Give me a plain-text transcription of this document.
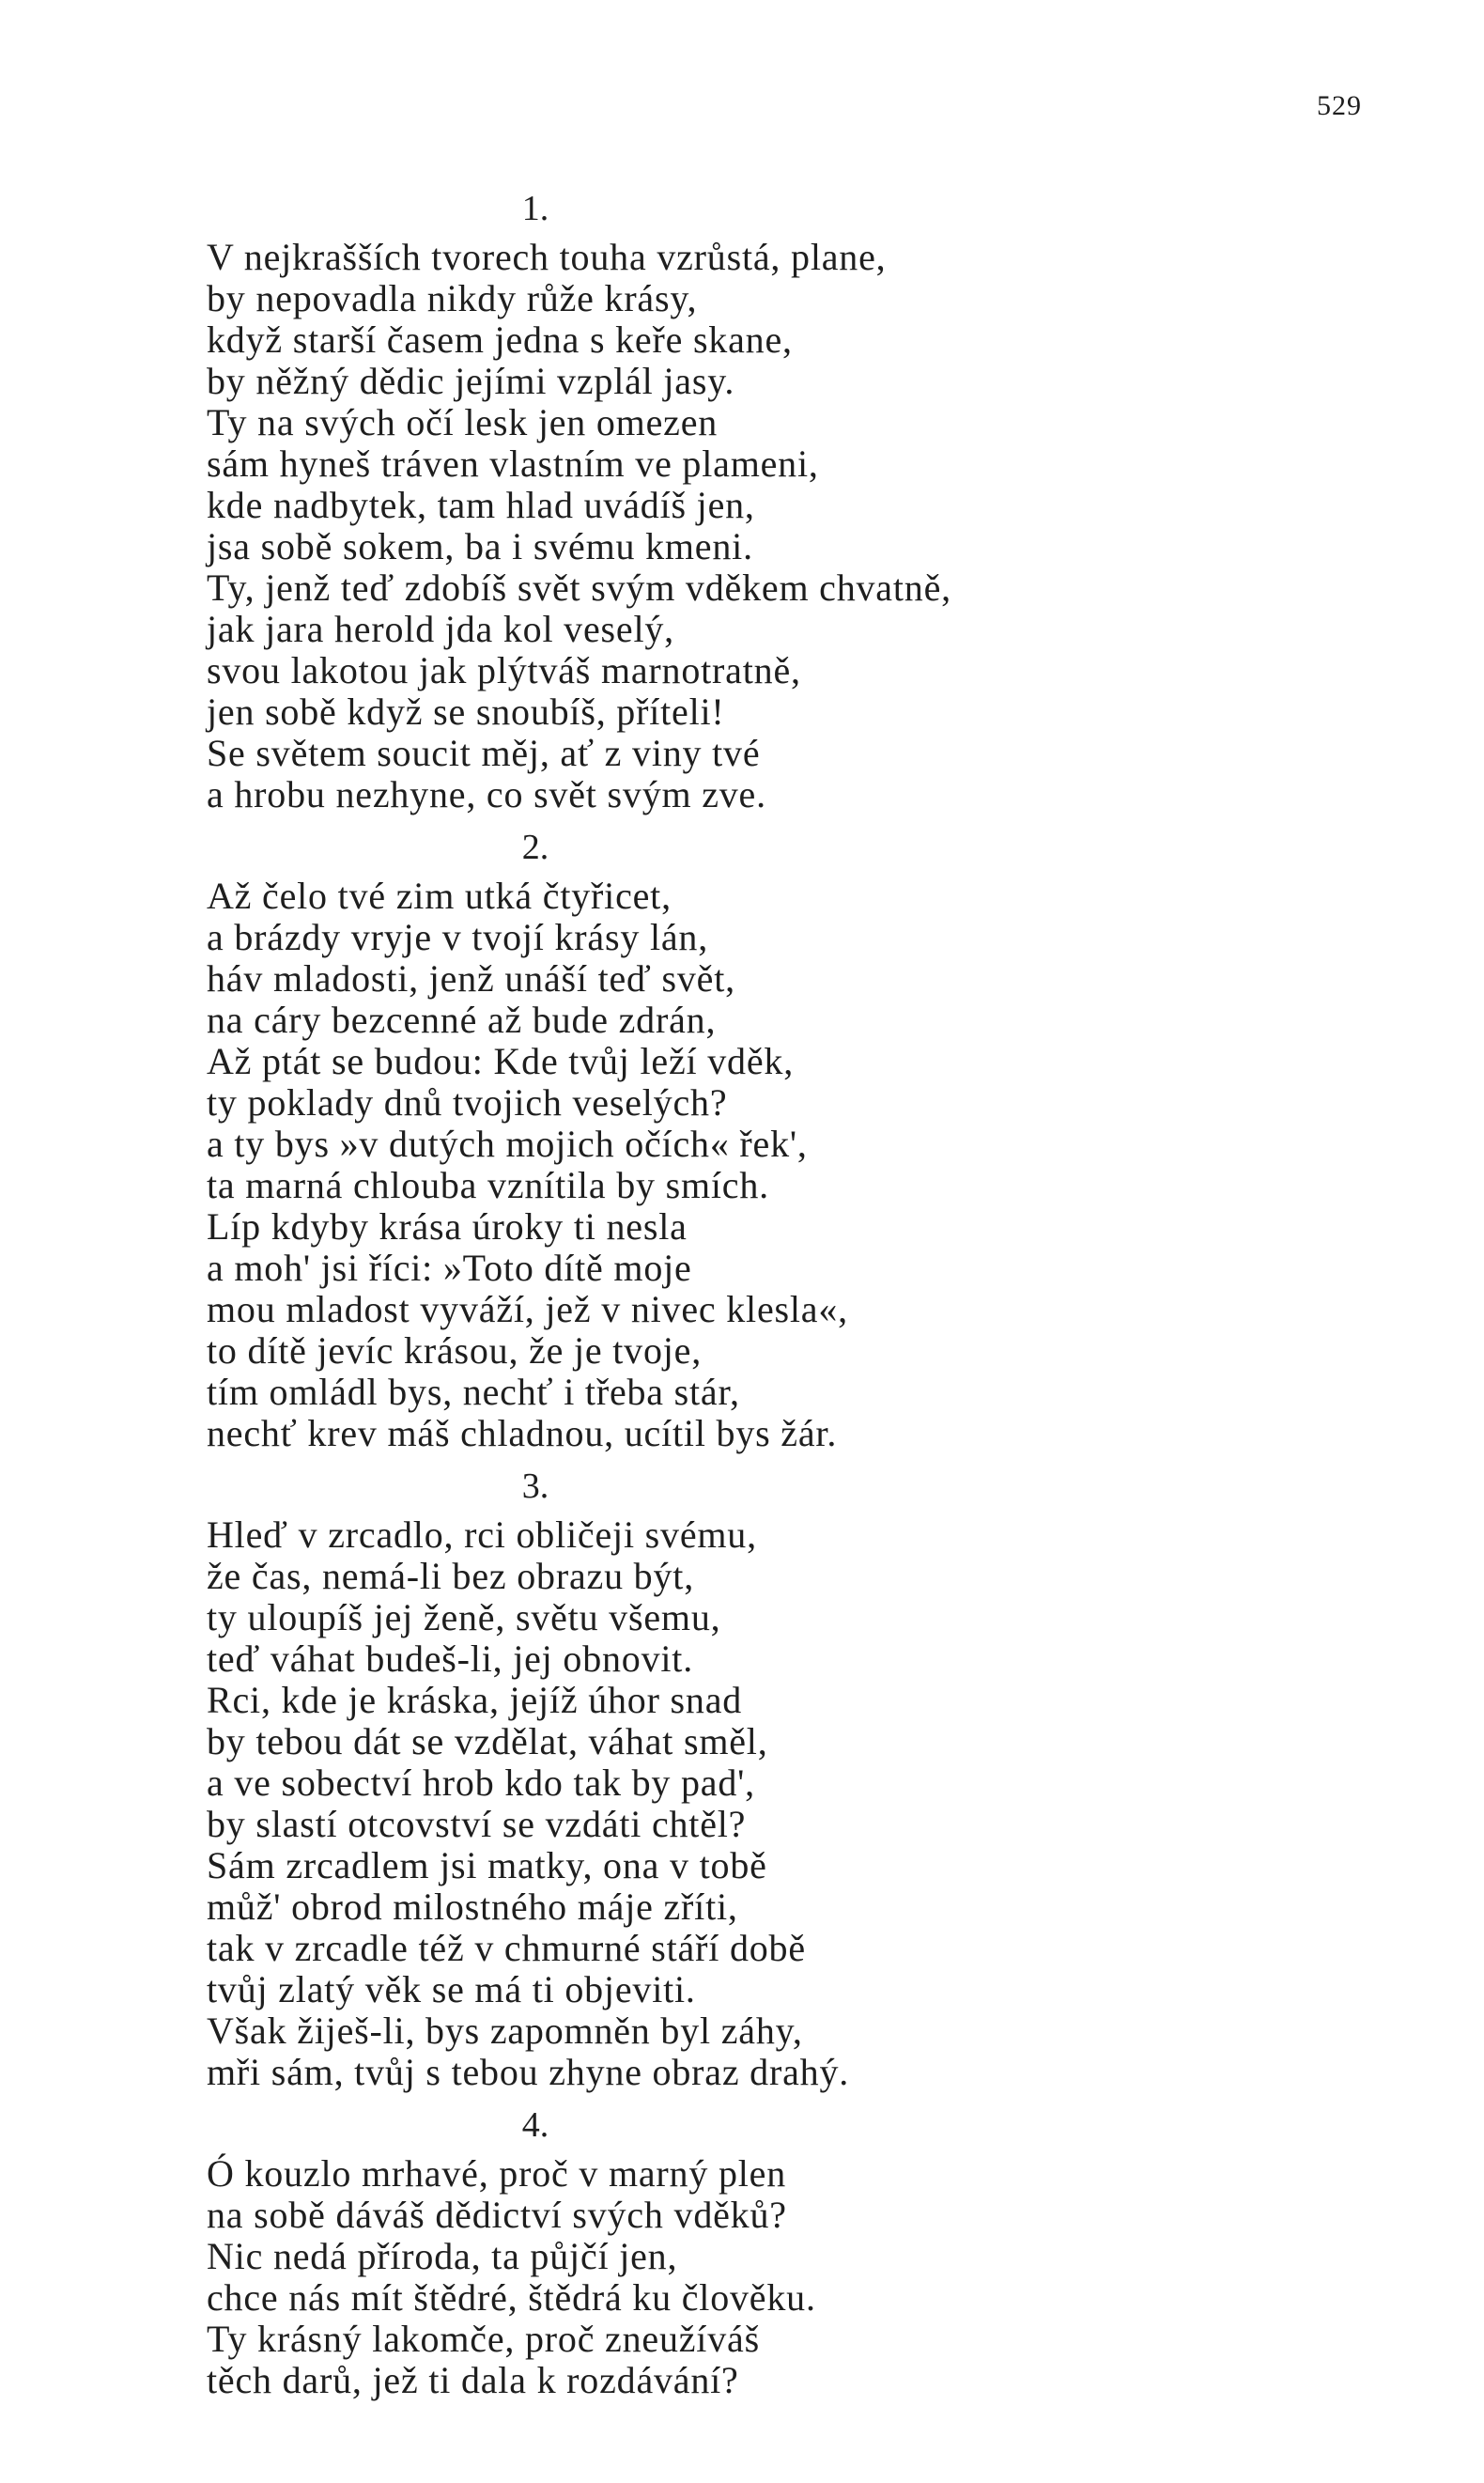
529
1.
V nejkrašších tvorech touha vzrůstá, plane,
by nepovadla nikdy růže krásy,
když starší časem jedna s keře skane,
by něžný dědic jejími vzplál jasy.
Ty na svých očí lesk jen omezen
sám hyneš tráven vlastním ve plameni,
kde nadbytek, tam hlad uvádíš jen,
jsa sobě sokem, ba i svému kmeni.
Ty, jenž teď zdobíš svět svým vděkem chvatně,
jak jara herold jda kol veselý,
svou lakotou jak plýtváš marnotratně,
jen sobě když se snoubíš, příteli!
Se světem soucit měj, ať z viny tvé
a hrobu nezhyne, co svět svým zve.
2.
Až čelo tvé zim utká čtyřicet,
a brázdy vryje v tvojí krásy lán,
háv mladosti, jenž unáší teď svět,
na cáry bezcenné až bude zdrán,
Až ptát se budou: Kde tvůj leží vděk,
ty poklady dnů tvojich veselých?
a ty bys »v dutých mojich očích« řek',
ta marná chlouba vznítila by smích.
Líp kdyby krása úroky ti nesla
a moh' jsi říci: »Toto dítě moje
mou mladost vyváží, jež v nivec klesla«,
to dítě jevíc krásou, že je tvoje,
tím omládl bys, nechť i třeba stár,
nechť krev máš chladnou, ucítil bys žár.
3.
Hleď v zrcadlo, rci obličeji svému,
že čas, nemá-li bez obrazu být,
ty uloupíš jej ženě, světu všemu,
teď váhat budeš-li, jej obnovit.
Rci, kde je kráska, jejíž úhor snad
by tebou dát se vzdělat, váhat směl,
a ve sobectví hrob kdo tak by pad',
by slastí otcovství se vzdáti chtěl?
Sám zrcadlem jsi matky, ona v tobě
můž' obrod milostného máje zříti,
tak v zrcadle též v chmurné stáří době
tvůj zlatý věk se má ti objeviti.
Však žiješ-li, bys zapomněn byl záhy,
mři sám, tvůj s tebou zhyne obraz drahý.
4.
Ó kouzlo mrhavé, proč v marný plen
na sobě dáváš dědictví svých vděků?
Nic nedá příroda, ta půjčí jen,
chce nás mít štědré, štědrá ku člověku.
Ty krásný lakomče, proč zneužíváš
těch darů, jež ti dala k rozdávání?
